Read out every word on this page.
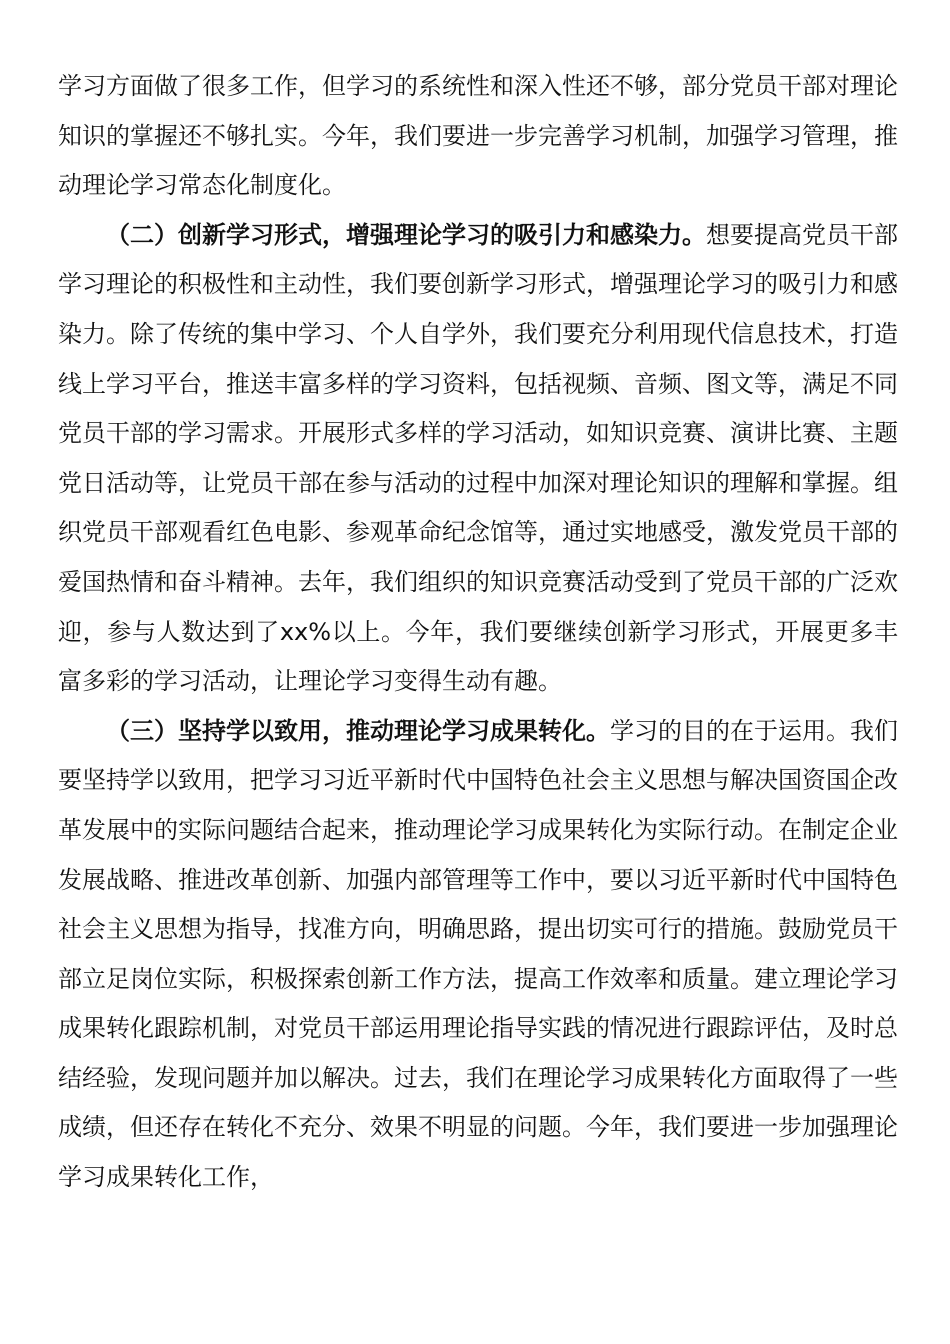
学习方面做了很多工作，但学习的系统性和深入性还不够，部分党员干部对理论知识的掌握还不够扎实。今年，我们要进一步完善学习机制，加强学习管理，推动理论学习常态化制度化。

（二）创新学习形式，增强理论学习的吸引力和感染力。想要提高党员干部学习理论的积极性和主动性，我们要创新学习形式，增强理论学习的吸引力和感染力。除了传统的集中学习、个人自学外，我们要充分利用现代信息技术，打造线上学习平台，推送丰富多样的学习资料，包括视频、音频、图文等，满足不同党员干部的学习需求。开展形式多样的学习活动，如知识竞赛、演讲比赛、主题党日活动等，让党员干部在参与活动的过程中加深对理论知识的理解和掌握。组织党员干部观看红色电影、参观革命纪念馆等，通过实地感受，激发党员干部的爱国热情和奋斗精神。去年，我们组织的知识竞赛活动受到了党员干部的广泛欢迎，参与人数达到了xx%以上。今年，我们要继续创新学习形式，开展更多丰富多彩的学习活动，让理论学习变得生动有趣。

（三）坚持学以致用，推动理论学习成果转化。学习的目的在于运用。我们要坚持学以致用，把学习习近平新时代中国特色社会主义思想与解决国资国企改革发展中的实际问题结合起来，推动理论学习成果转化为实际行动。在制定企业发展战略、推进改革创新、加强内部管理等工作中，要以习近平新时代中国特色社会主义思想为指导，找准方向，明确思路，提出切实可行的措施。鼓励党员干部立足岗位实际，积极探索创新工作方法，提高工作效率和质量。建立理论学习成果转化跟踪机制，对党员干部运用理论指导实践的情况进行跟踪评估，及时总结经验，发现问题并加以解决。过去，我们在理论学习成果转化方面取得了一些成绩，但还存在转化不充分、效果不明显的问题。今年，我们要进一步加强理论学习成果转化工作，
